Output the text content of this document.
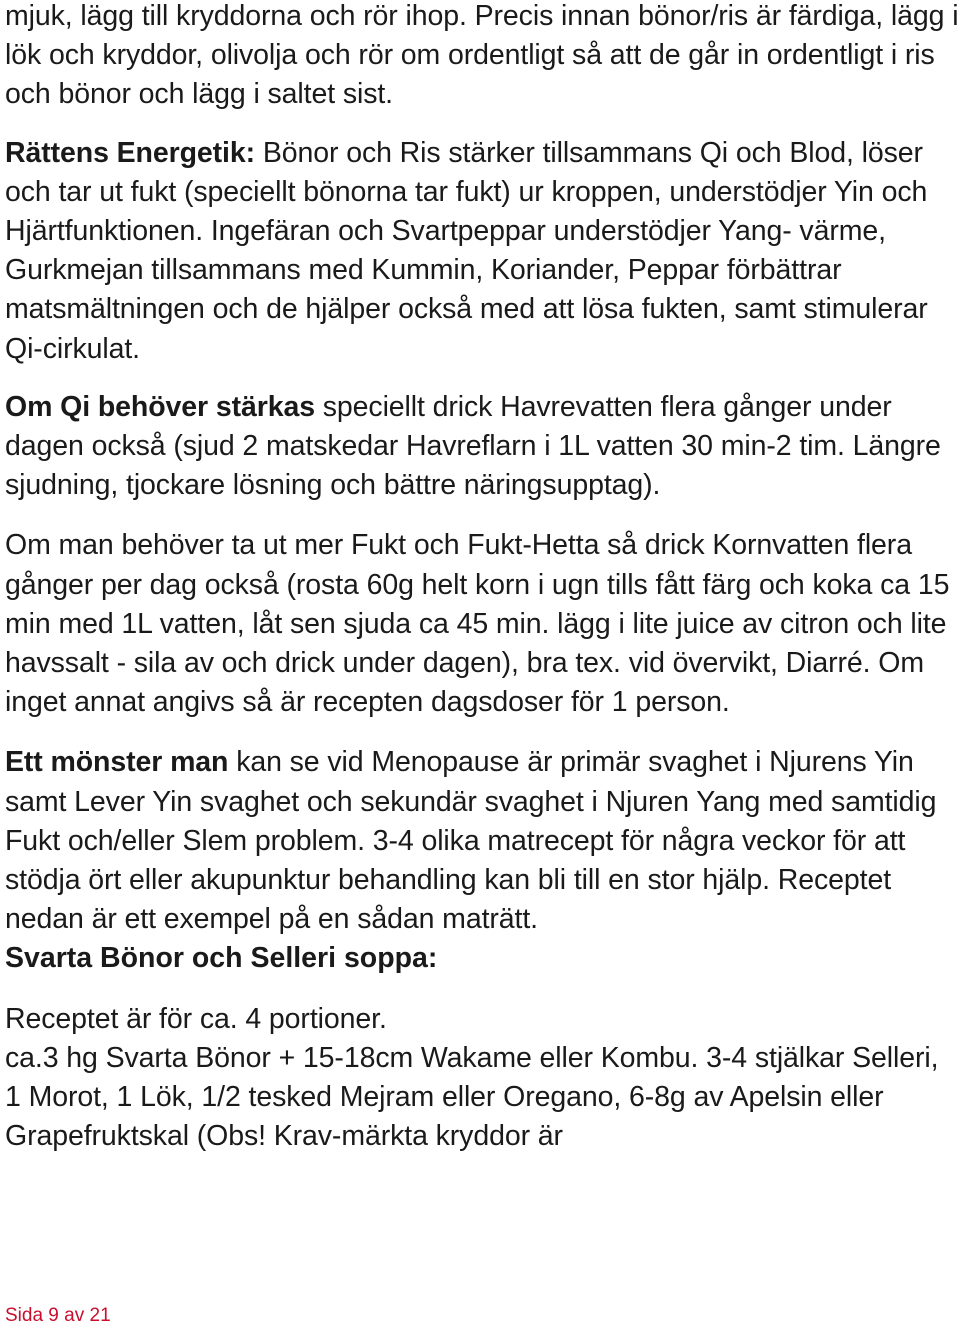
mjuk, lägg till kryddorna och rör ihop. Precis innan bönor/ris är färdiga, lägg i lök och kryddor, olivolja och rör om ordentligt så att de går in ordentligt i ris och bönor och lägg i saltet sist.

Rättens Energetik: Bönor och Ris stärker tillsammans Qi och Blod, löser och tar ut fukt (speciellt bönorna tar fukt) ur kroppen, understödjer Yin och Hjärtfunktionen. Ingefäran och Svartpeppar understödjer Yang- värme, Gurkmejan tillsammans med Kummin, Koriander, Peppar förbättrar matsmältningen och de hjälper också med att lösa fukten, samt stimulerar Qi-cirkulat.

Om Qi behöver stärkas speciellt drick Havrevatten flera gånger under dagen också (sjud 2 matskedar Havreflarn i 1L vatten 30 min-2 tim. Längre sjudning, tjockare lösning och bättre näringsupptag).

Om man behöver ta ut mer Fukt och Fukt-Hetta så drick Kornvatten flera gånger per dag också (rosta 60g helt korn i ugn tills fått färg och koka ca 15 min med 1L vatten, låt sen sjuda ca 45 min. lägg i lite juice av citron och lite havssalt - sila av och drick under dagen), bra tex. vid övervikt, Diarré. Om inget annat angivs så är recepten dagsdoser för 1 person.

Ett mönster man kan se vid Menopause är primär svaghet i Njurens Yin samt Lever Yin svaghet och sekundär svaghet i Njuren Yang med samtidig Fukt och/eller Slem problem. 3-4 olika matrecept för några veckor för att stödja ört eller akupunktur behandling kan bli till en stor hjälp. Receptet nedan är ett exempel på en sådan maträtt.

Svarta Bönor och Selleri soppa:

Receptet är för ca. 4 portioner.

ca.3 hg Svarta Bönor + 15-18cm Wakame eller Kombu. 3-4 stjälkar Selleri, 1 Morot, 1 Lök, 1/2 tesked Mejram eller Oregano, 6-8g av Apelsin eller Grapefruktskal (Obs! Krav-märkta kryddor är

Sida 9 av 21
